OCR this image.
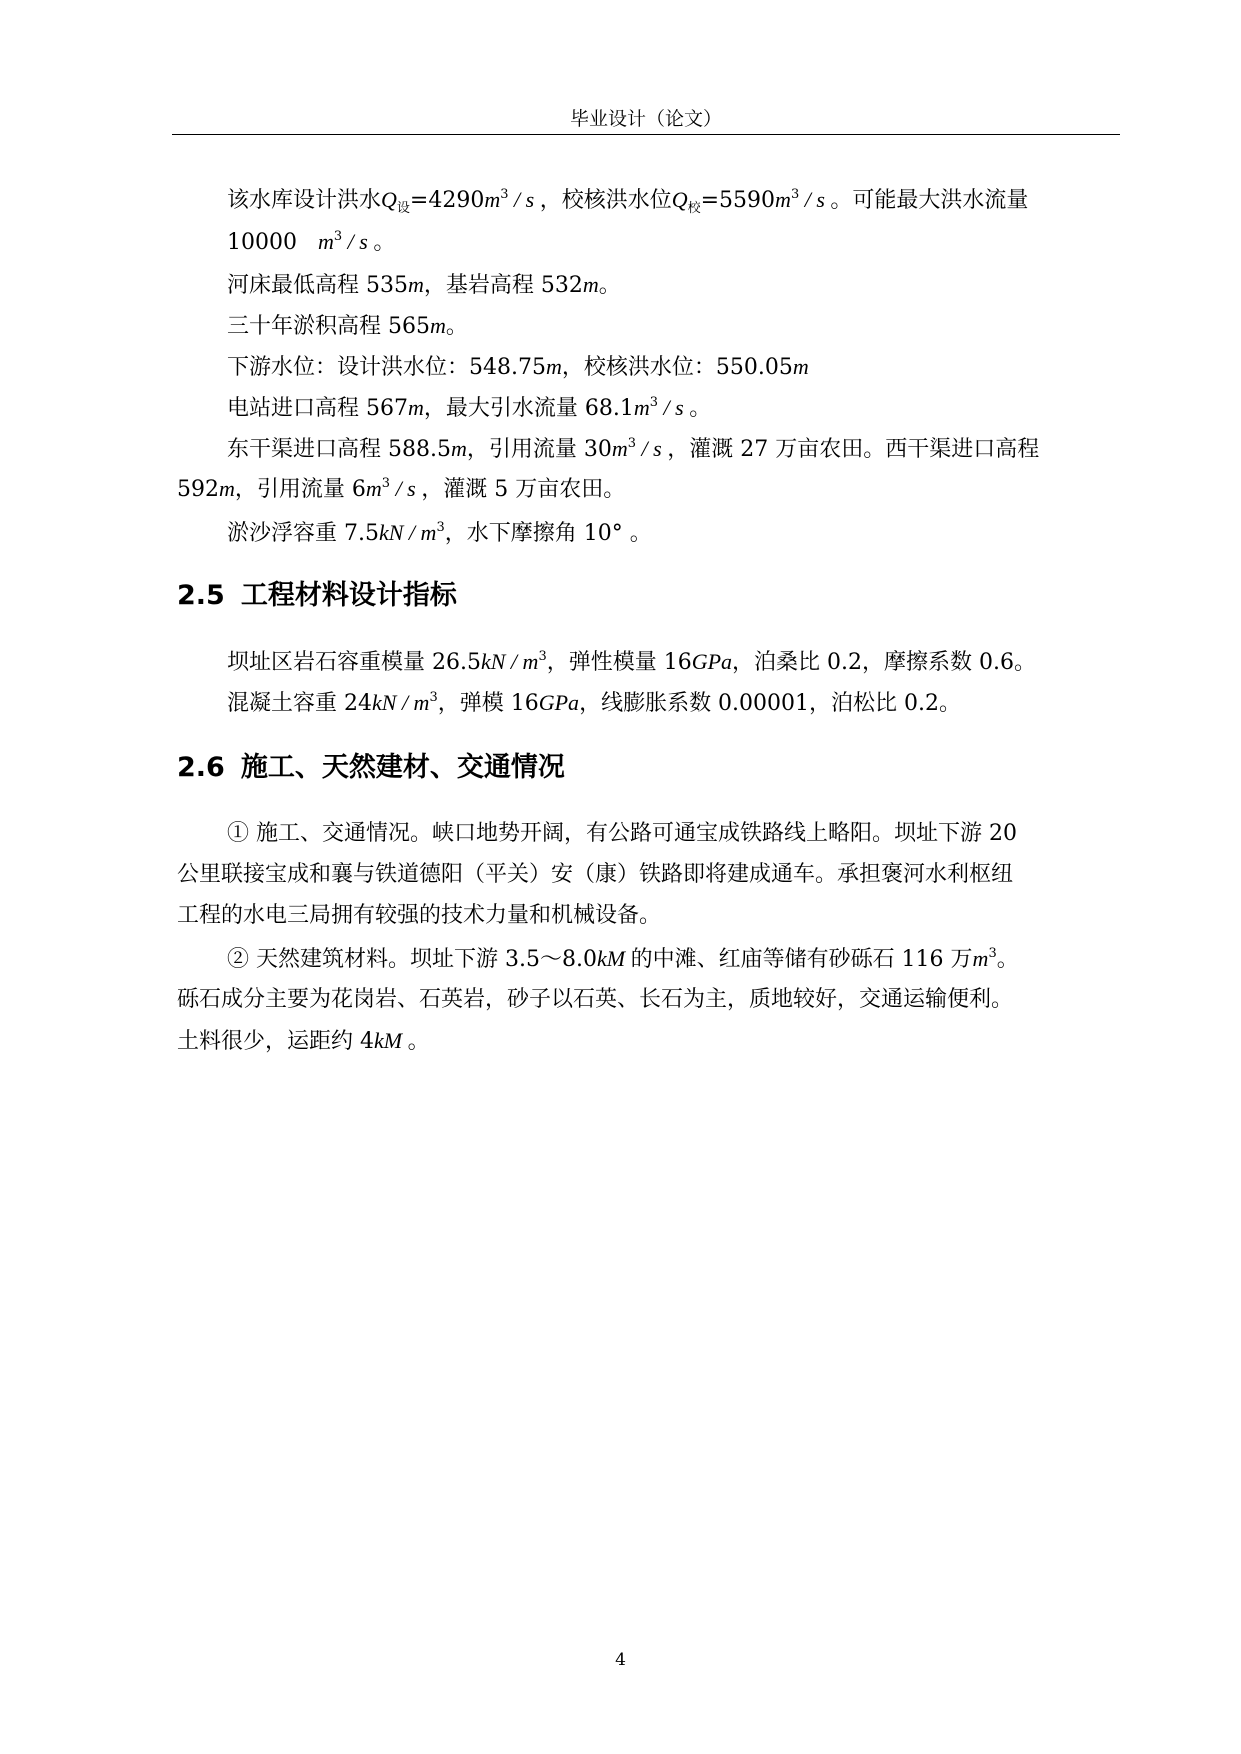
毕业设计（论文）
该水库设计洪水$Q_设=4290m^3 / s$ ，校核洪水位$Q_校=5590m^3 / s$ 。可能最大洪水流量
10000 $m^3$ / s 。
河床最低高程 535m，基岩高程 532m。
三十年淤积高程 565m。
下游水位：设计洪水位：548.75m，校核洪水位：550.05m
电站进口高程 567m，最大引水流量 $68.1m^3$ / s 。
东干渠进口高程 588.5m，引用流量 $30m^3$ / s ，灌溉 27 万亩农田。西干渠进口高程
592m，引用流量 $6m^3$ / s ，灌溉 5 万亩农田。
淤沙浮容重 $7.5kN / m^3$，水下摩擦角 10° 。
2.5 工程材料设计指标
坝址区岩石容重模量 $26.5kN / m^3$，弹性模量 16GPa，泊桑比 0.2，摩擦系数 0.6。
混凝土容重 $24kN / m^3$，弹模 16GPa，线膨胀系数 0.00001，泊松比 0.2。
2.6 施工、天然建材、交通情况
① 施工、交通情况。峡口地势开阔，有公路可通宝成铁路线上略阳。坝址下游 20
公里联接宝成和襄与铁道德阳（平关）安（康）铁路即将建成通车。承担褒河水利枢纽
工程的水电三局拥有较强的技术力量和机械设备。
② 天然建筑材料。坝址下游 3.5～8.0kM 的中滩、红庙等储有砂砾石 116 万$m^3$。
砾石成分主要为花岗岩、石英岩，砂子以石英、长石为主，质地较好，交通运输便利。
土料很少，运距约 4kM 。
4
